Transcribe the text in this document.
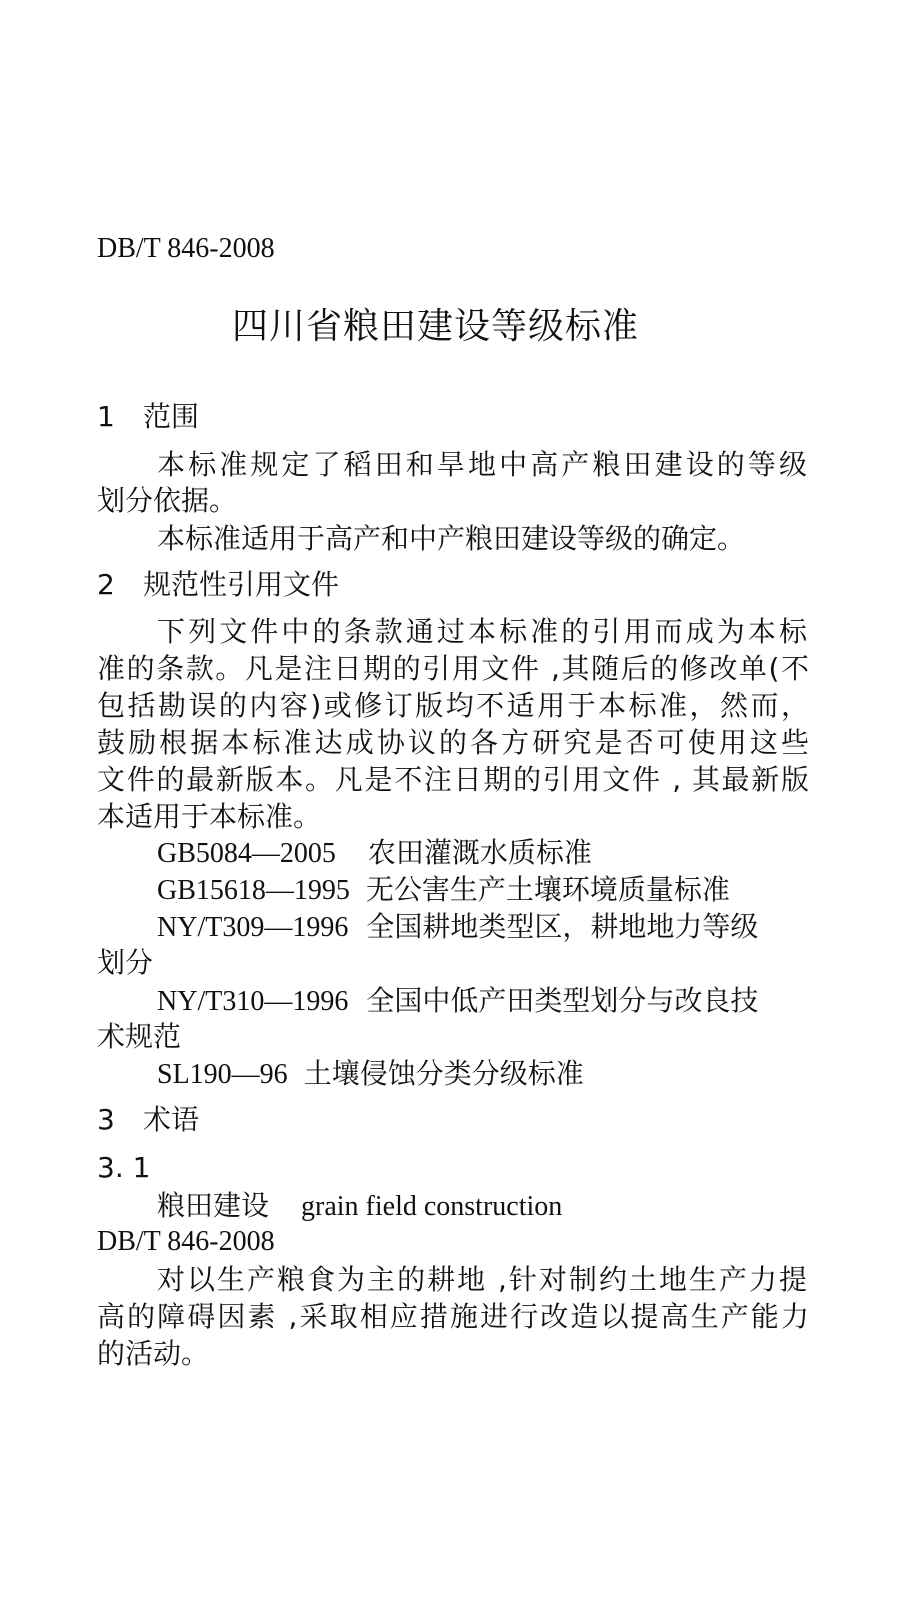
DB/T 846-2008
四川省粮田建设等级标准
1 范围
本标准规定了稻田和旱地中高产粮田建设的等级
划分依据。
本标准适用于高产和中产粮田建设等级的确定。
2 规范性引用文件
下列文件中的条款通过本标准的引用而成为本标
准的条款。凡是注日期的引用文件 ,其随后的修改单(不
包括勘误的内容)或修订版均不适用于本标准，然而，
鼓励根据本标准达成协议的各方研究是否可使用这些
文件的最新版本。凡是不注日期的引用文件 , 其最新版
本适用于本标准。
GB5084—2005 农田灌溉水质标准
GB15618—1995 无公害生产土壤环境质量标准
NY/T309—1996 全国耕地类型区，耕地地力等级
划分
NY/T310—1996 全国中低产田类型划分与改良技
术规范
SL190—96 土壤侵蚀分类分级标准
3 术语
3. 1
粮田建设 grain field construction
DB/T 846-2008
对以生产粮食为主的耕地 ,针对制约土地生产力提
高的障碍因素 ,采取相应措施进行改造以提高生产能力
的活动。
